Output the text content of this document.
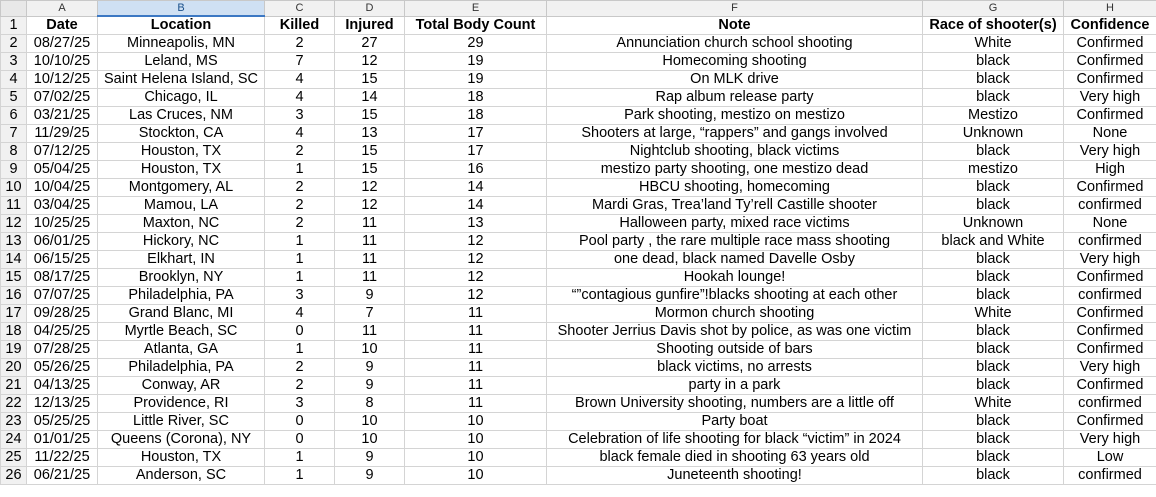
	A	B	C	D	E	F	G	H
1	Date	Location	Killed	Injured	Total Body Count	Note	Race of shooter(s)	Confidence
2	08/27/25	Minneapolis, MN	2	27	29	Annunciation church school shooting	White	Confirmed
3	10/10/25	Leland, MS	7	12	19	Homecoming shooting	black	Confirmed
4	10/12/25	Saint Helena Island, SC	4	15	19	On MLK drive	black	Confirmed
5	07/02/25	Chicago, IL	4	14	18	Rap album release party	black	Very high
6	03/21/25	Las Cruces, NM	3	15	18	Park shooting, mestizo on mestizo	Mestizo	Confirmed
7	11/29/25	Stockton, CA	4	13	17	Shooters at large, “rappers” and gangs involved	Unknown	None
8	07/12/25	Houston, TX	2	15	17	Nightclub shooting, black victims	black	Very high
9	05/04/25	Houston, TX	1	15	16	mestizo party shooting, one mestizo dead	mestizo	High
10	10/04/25	Montgomery, AL	2	12	14	HBCU shooting, homecoming	black	Confirmed
11	03/04/25	Mamou, LA	2	12	14	Mardi Gras, Trea’land Ty’rell Castille shooter	black	confirmed
12	10/25/25	Maxton, NC	2	11	13	Halloween party, mixed race victims	Unknown	None
13	06/01/25	Hickory, NC	1	11	12	Pool party , the rare multiple race mass shooting	black and White	confirmed
14	06/15/25	Elkhart, IN	1	11	12	one dead, black named Davelle Osby	black	Very high
15	08/17/25	Brooklyn, NY	1	11	12	Hookah lounge!	black	Confirmed
16	07/07/25	Philadelphia, PA	3	9	12	“”contagious gunfire”!blacks shooting at each other	black	confirmed
17	09/28/25	Grand Blanc, MI	4	7	11	Mormon church shooting	White	Confirmed
18	04/25/25	Myrtle Beach, SC	0	11	11	Shooter Jerrius Davis shot by police, as was one victim	black	Confirmed
19	07/28/25	Atlanta, GA	1	10	11	Shooting outside of bars	black	Confirmed
20	05/26/25	Philadelphia, PA	2	9	11	black victims, no arrests	black	Very high
21	04/13/25	Conway, AR	2	9	11	party in a park	black	Confirmed
22	12/13/25	Providence, RI	3	8	11	Brown University shooting, numbers are a little off	White	confirmed
23	05/25/25	Little River, SC	0	10	10	Party boat	black	Confirmed
24	01/01/25	Queens (Corona), NY	0	10	10	Celebration of life shooting for black “victim” in 2024	black	Very high
25	11/22/25	Houston, TX	1	9	10	black female died in shooting 63 years old	black	Low
26	06/21/25	Anderson, SC	1	9	10	Juneteenth shooting!	black	confirmed
